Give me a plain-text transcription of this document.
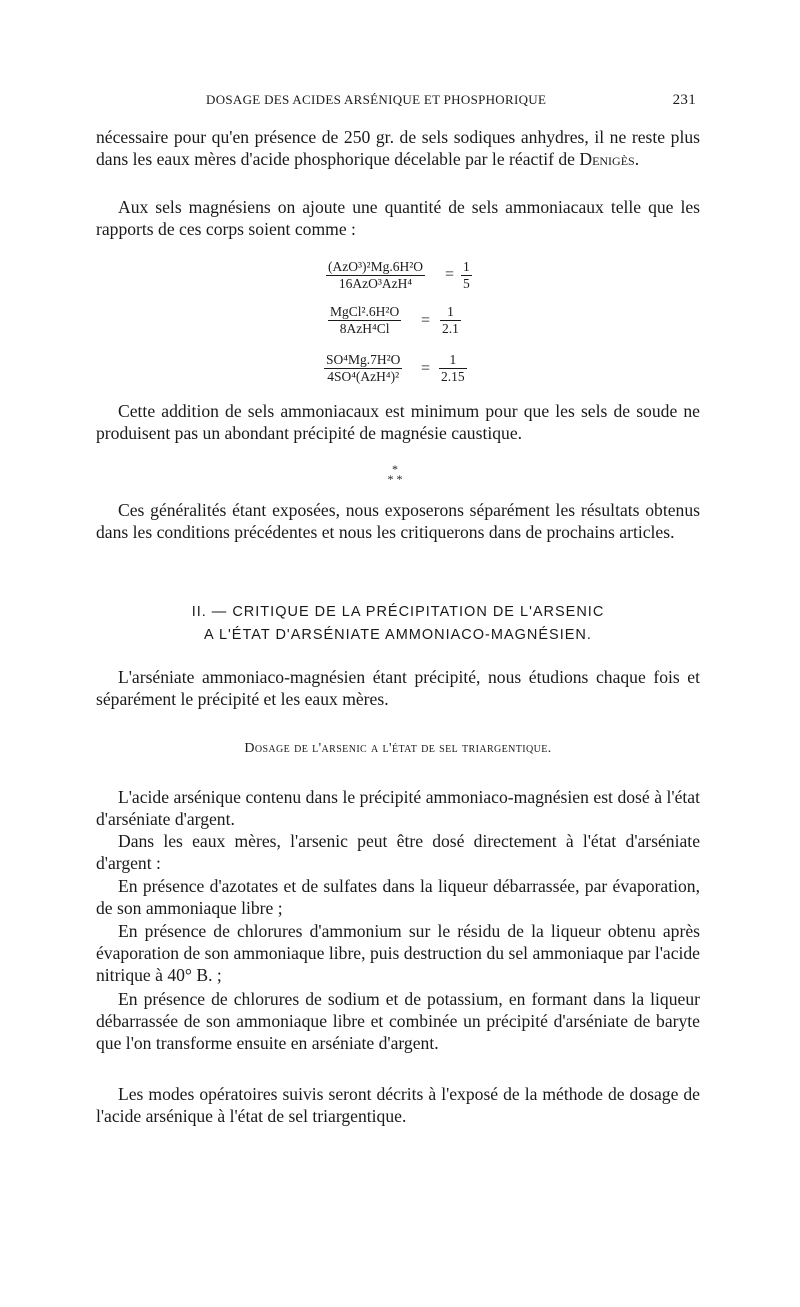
DOSAGE DES ACIDES ARSÉNIQUE ET PHOSPHORIQUE	231
nécessaire pour qu'en présence de 250 gr. de sels sodiques anhydres, il ne reste plus dans les eaux mères d'acide phosphorique décelable par le réactif de Denigès.
Aux sels magnésiens on ajoute une quantité de sels ammoniacaux telle que les rapports de ces corps soient comme :
(AzO³)²Mg.6H²O
16AzO³AzH⁴
= $\frac{1}{5}$
MgCl².6H²O
8AzH⁴Cl	= $\frac{1}{2.1}$
SO⁴Mg.7H²O
$4SO^4(AzH^4)^2 = \frac{1}{2.15}$
Cette addition de sels ammoniacaux est minimum pour que les sels de soude ne produisent pas un abondant précipité de magnésie caustique.
*
* *
Ces généralités étant exposées, nous exposerons séparément les résultats obtenus dans les conditions précédentes et nous les critiquerons dans de prochains articles.
II. — CRITIQUE DE LA PRÉCIPITATION DE L'ARSENIC
A L'ÉTAT D'ARSÉNIATE AMMONIACO-MAGNÉSIEN.
L'arséniate ammoniaco-magnésien étant précipité, nous étudions chaque fois et séparément le précipité et les eaux mères.
Dosage de l'arsenic a l'état de sel triargentique.
L'acide arsénique contenu dans le précipité ammoniaco-magnésien est dosé à l'état d'arséniate d'argent.
Dans les eaux mères, l'arsenic peut être dosé directement à l'état d'arséniate d'argent :
En présence d'azotates et de sulfates dans la liqueur débarrassée, par évaporation, de son ammoniaque libre ;
En présence de chlorures d'ammonium sur le résidu de la liqueur obtenu après évaporation de son ammoniaque libre, puis destruction du sel ammoniaque par l'acide nitrique à 40° B. ;
En présence de chlorures de sodium et de potassium, en formant dans la liqueur débarrassée de son ammoniaque libre et combinée un précipité d'arséniate de baryte que l'on transforme ensuite en arséniate d'argent.
Les modes opératoires suivis seront décrits à l'exposé de la méthode de dosage de l'acide arsénique à l'état de sel triargentique.
